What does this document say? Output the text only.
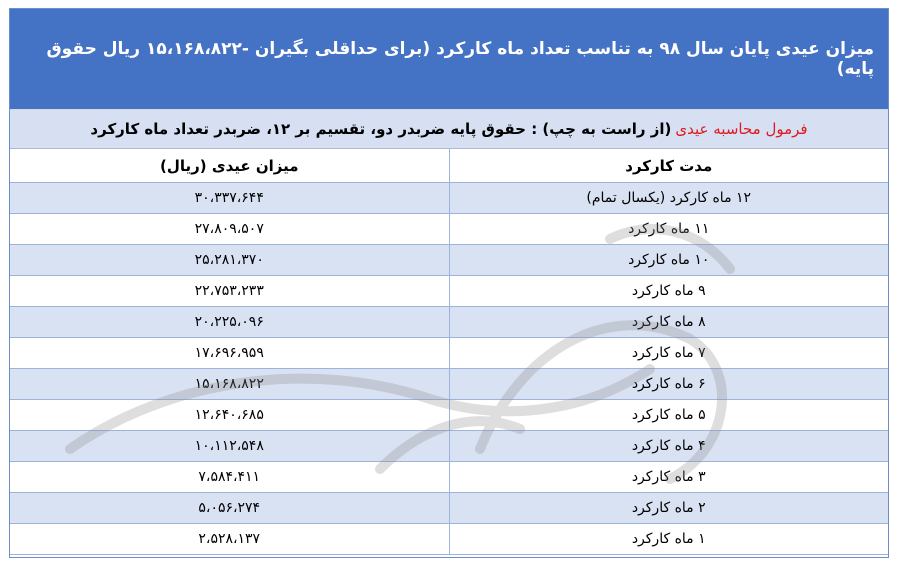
میزان عیدی پایان سال ۹۸ به تناسب تعداد ماه کارکرد (برای حداقلی بگیران -۱۵،۱۶۸،۸۲۲ ریال حقوق پایه)
فرمول محاسبه عیدی
(از راست به چپ) : حقوق پایه ضربدر دو، تقسیم بر ۱۲، ضربدر تعداد ماه کارکرد
مدت کارکرد	میزان عیدی (ریال)
۱۲ ماه کارکرد (یکسال تمام)	۳۰،۳۳۷،۶۴۴
۱۱ ماه کارکرد	۲۷،۸۰۹،۵۰۷
۱۰ ماه کارکرد	۲۵،۲۸۱،۳۷۰
۹ ماه کارکرد	۲۲،۷۵۳،۲۳۳
۸ ماه کارکرد	۲۰،۲۲۵،۰۹۶
۷ ماه کارکرد	۱۷،۶۹۶،۹۵۹
۶ ماه کارکرد	۱۵،۱۶۸،۸۲۲
۵ ماه کارکرد	۱۲،۶۴۰،۶۸۵
۴ ماه کارکرد	۱۰،۱۱۲،۵۴۸
۳ ماه کارکرد	۷،۵۸۴،۴۱۱
۲ ماه کارکرد	۵،۰۵۶،۲۷۴
۱ ماه کارکرد	۲،۵۲۸،۱۳۷
